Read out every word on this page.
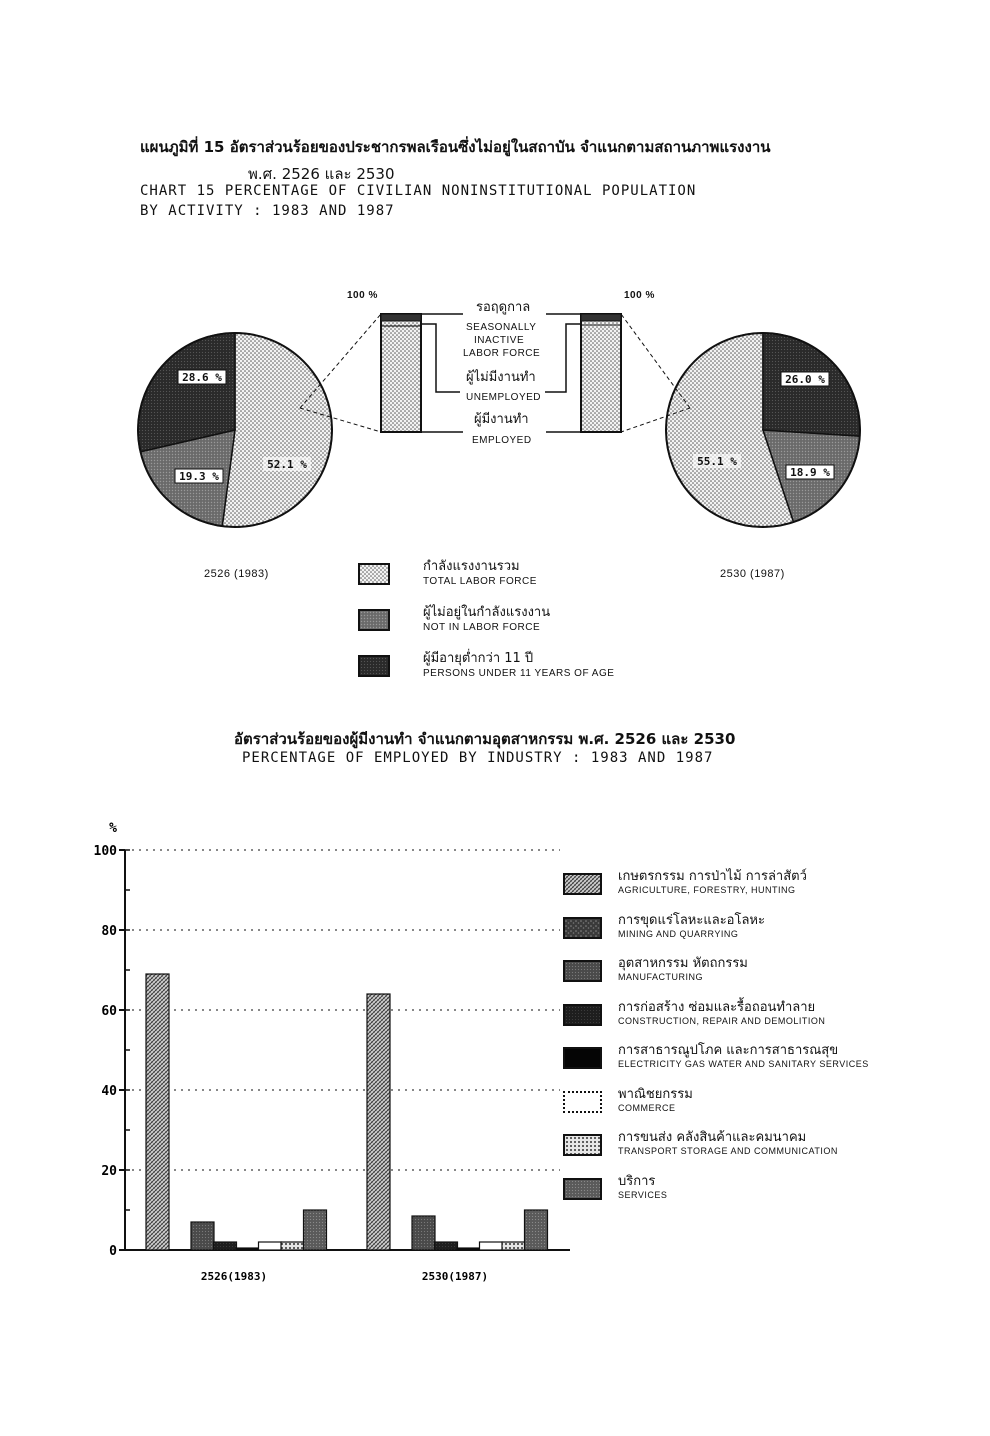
แผนภูมิที่ 15 อัตราส่วนร้อยของประชากรพลเรือนซึ่งไม่อยู่ในสถาบัน จำแนกตามสถานภาพแรงงาน
พ.ศ. 2526 และ 2530
CHART 15 PERCENTAGE OF CIVILIAN NONINSTITUTIONAL POPULATION
BY ACTIVITY : 1983 AND 1987
52.1 %
19.3 %
28.6 %
55.1 %
18.9 %
26.0 %
100 %	100 %
รอฤดูกาล
SEASONALLY
INACTIVE
LABOR FORCE
ผู้ไม่มีงานทำ
UNEMPLOYED
ผู้มีงานทำ
EMPLOYED
2526 (1983)	2530 (1987)
กำลังแรงงานรวม
TOTAL LABOR FORCE
ผู้ไม่อยู่ในกำลังแรงงาน
NOT IN LABOR FORCE
ผู้มีอายุต่ำกว่า 11 ปี
PERSONS UNDER 11 YEARS OF AGE
อัตราส่วนร้อยของผู้มีงานทำ จำแนกตามอุตสาหกรรม พ.ศ. 2526 และ 2530
PERCENTAGE OF EMPLOYED BY INDUSTRY : 1983 AND 1987
%
0
20
40
60
80
100
2526(1983)	2530(1987)
เกษตรกรรม การป่าไม้ การล่าสัตว์
AGRICULTURE, FORESTRY, HUNTING
การขุดแร่โลหะและอโลหะ
MINING AND QUARRYING
อุตสาหกรรม หัตถกรรม
MANUFACTURING
การก่อสร้าง ซ่อมและรื้อถอนทำลาย
CONSTRUCTION, REPAIR AND DEMOLITION
การสาธารณูปโภค และการสาธารณสุข
ELECTRICITY GAS WATER AND SANITARY SERVICES
พาณิชยกรรม
COMMERCE
การขนส่ง คลังสินค้าและคมนาคม
TRANSPORT STORAGE AND COMMUNICATION
บริการ
SERVICES
